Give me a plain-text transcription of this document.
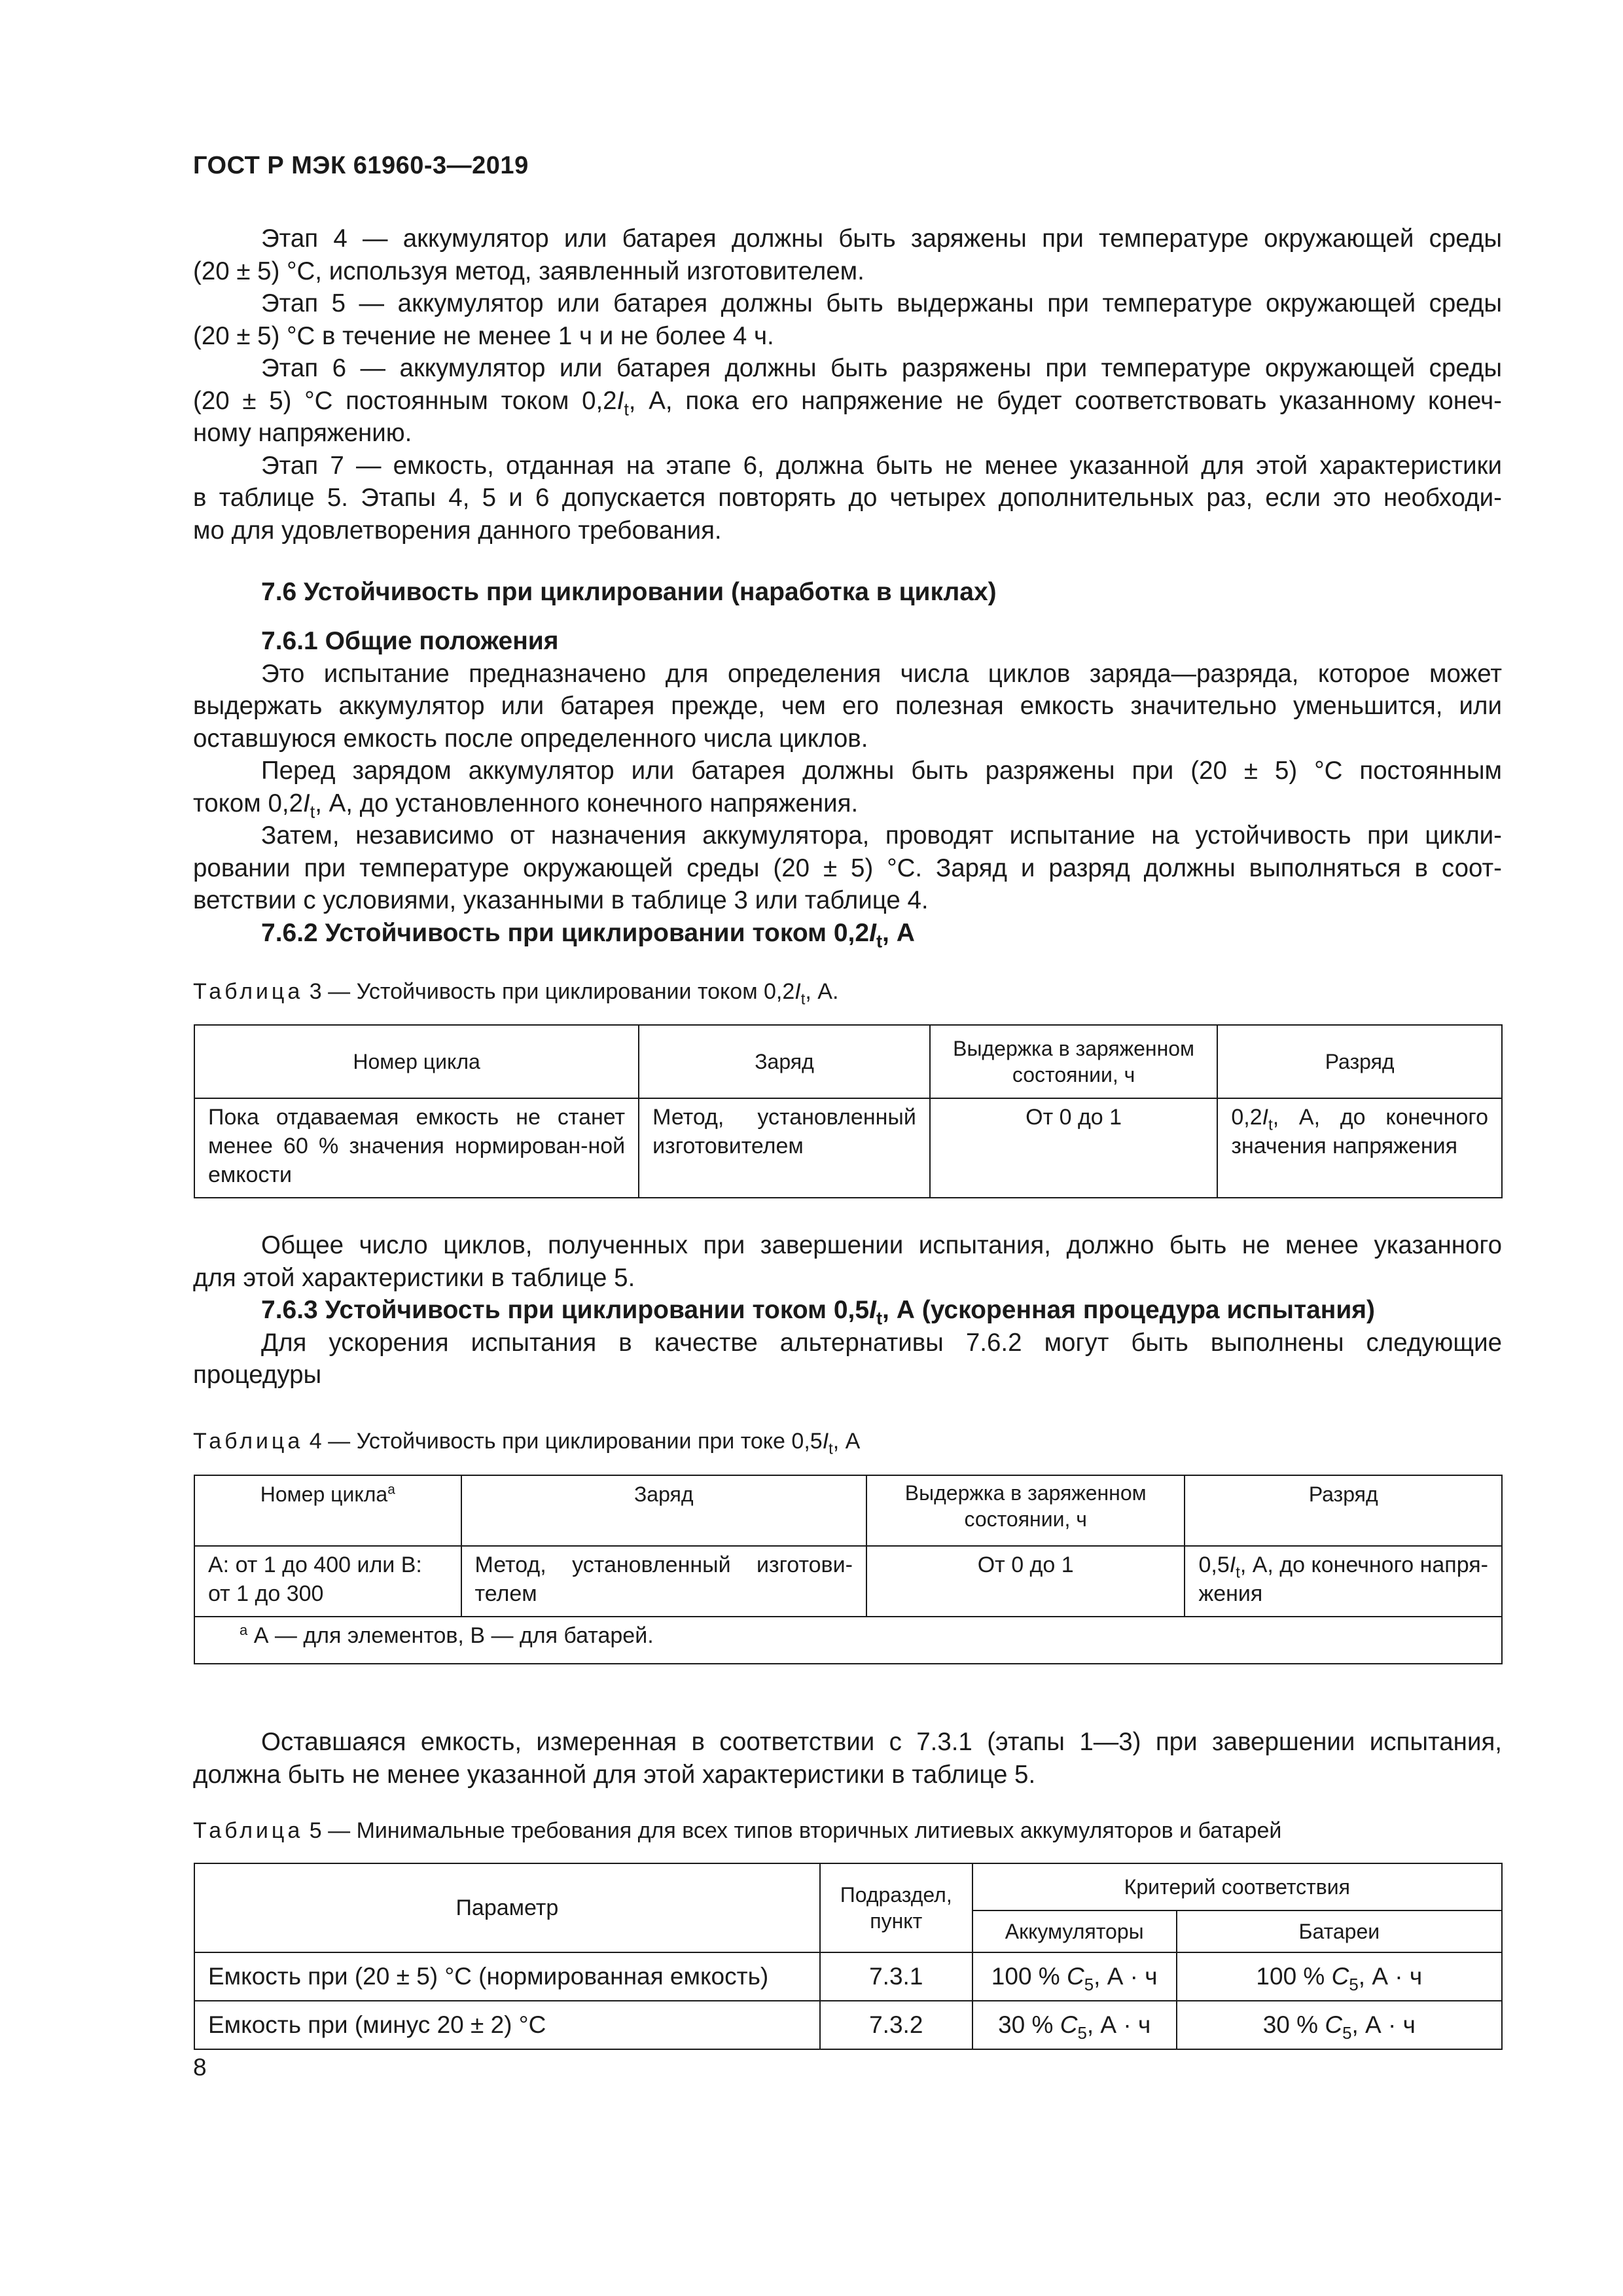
ГОСТ Р МЭК 61960-3—2019
Этап 4 — аккумулятор или батарея должны быть заряжены при температуре окружающей среды
(20 ± 5) °С, используя метод, заявленный изготовителем.
Этап 5 — аккумулятор или батарея должны быть выдержаны при температуре окружающей среды
(20 ± 5) °С в течение не менее 1 ч и не более 4 ч.
Этап 6 — аккумулятор или батарея должны быть разряжены при температуре окружающей среды
(20 ± 5) °С постоянным током $0,2I_t$, А, пока его напряжение не будет соответствовать указанному конеч-
ному напряжению.
Этап 7 — емкость, отданная на этапе 6, должна быть не менее указанной для этой характеристики
в таблице 5. Этапы 4, 5 и 6 допускается повторять до четырех дополнительных раз, если это необходи-
мо для удовлетворения данного требования.
7.6 Устойчивость при циклировании (наработка в циклах)
7.6.1 Общие положения
Это испытание предназначено для определения числа циклов заряда—разряда, которое может
выдержать аккумулятор или батарея прежде, чем его полезная емкость значительно уменьшится, или
оставшуюся емкость после определенного числа циклов.
Перед зарядом аккумулятор или батарея должны быть разряжены при (20 ± 5) °С постоянным
током $0,2I_t$, А, до установленного конечного напряжения.
Затем, независимо от назначения аккумулятора, проводят испытание на устойчивость при цикли-
ровании при температуре окружающей среды (20 ± 5) °С. Заряд и разряд должны выполняться в соот-
ветствии с условиями, указанными в таблице 3 или таблице 4.
7.6.2 Устойчивость при циклировании током $0,2I_t$, А
Таблица 3 — Устойчивость при циклировании током $0,2I_t$, А.
Номер цикла	Заряд	Выдержка в заряженном состоянии, ч	Разряд
Пока отдаваемая емкость не станет менее 60 % значения нормирован-ной емкости	Метод, установленный изготовителем	От 0 до 1	$0,2I_t$, А, до конечного значения напряжения
Общее число циклов, полученных при завершении испытания, должно быть не менее указанного
для этой характеристики в таблице 5.
7.6.3 Устойчивость при циклировании током $0,5I_t$, А (ускоренная процедура испытания)
Для ускорения испытания в качестве альтернативы 7.6.2 могут быть выполнены следующие
процедуры
Таблица 4 — Устойчивость при циклировании при токе $0,5I_t$, А
Номер цикла$^a$	Заряд	Выдержка в заряженном состоянии, ч	Разряд
А: от 1 до 400 или В: от 1 до 300	Метод, установленный изготови-телем	От 0 до 1	$0,5I_t$, А, до конечного напря-жения
$^a$ А — для элементов, В — для батарей.			
Оставшаяся емкость, измеренная в соответствии с 7.3.1 (этапы 1—3) при завершении испытания,
должна быть не менее указанной для этой характеристики в таблице 5.
Таблица 5 — Минимальные требования для всех типов вторичных литиевых аккумуляторов и батарей
Параметр	Подраздел, пункт	Критерий соответствия	
		Аккумуляторы	Батареи
Емкость при (20 ± 5) °С (нормированная емкость)	7.3.1	100 % $C_5$, А · ч	100 % $C_5$, А · ч
Емкость при (минус 20 ± 2) °С	7.3.2	30 % $C_5$, А · ч	30 % $C_5$, А · ч
8
